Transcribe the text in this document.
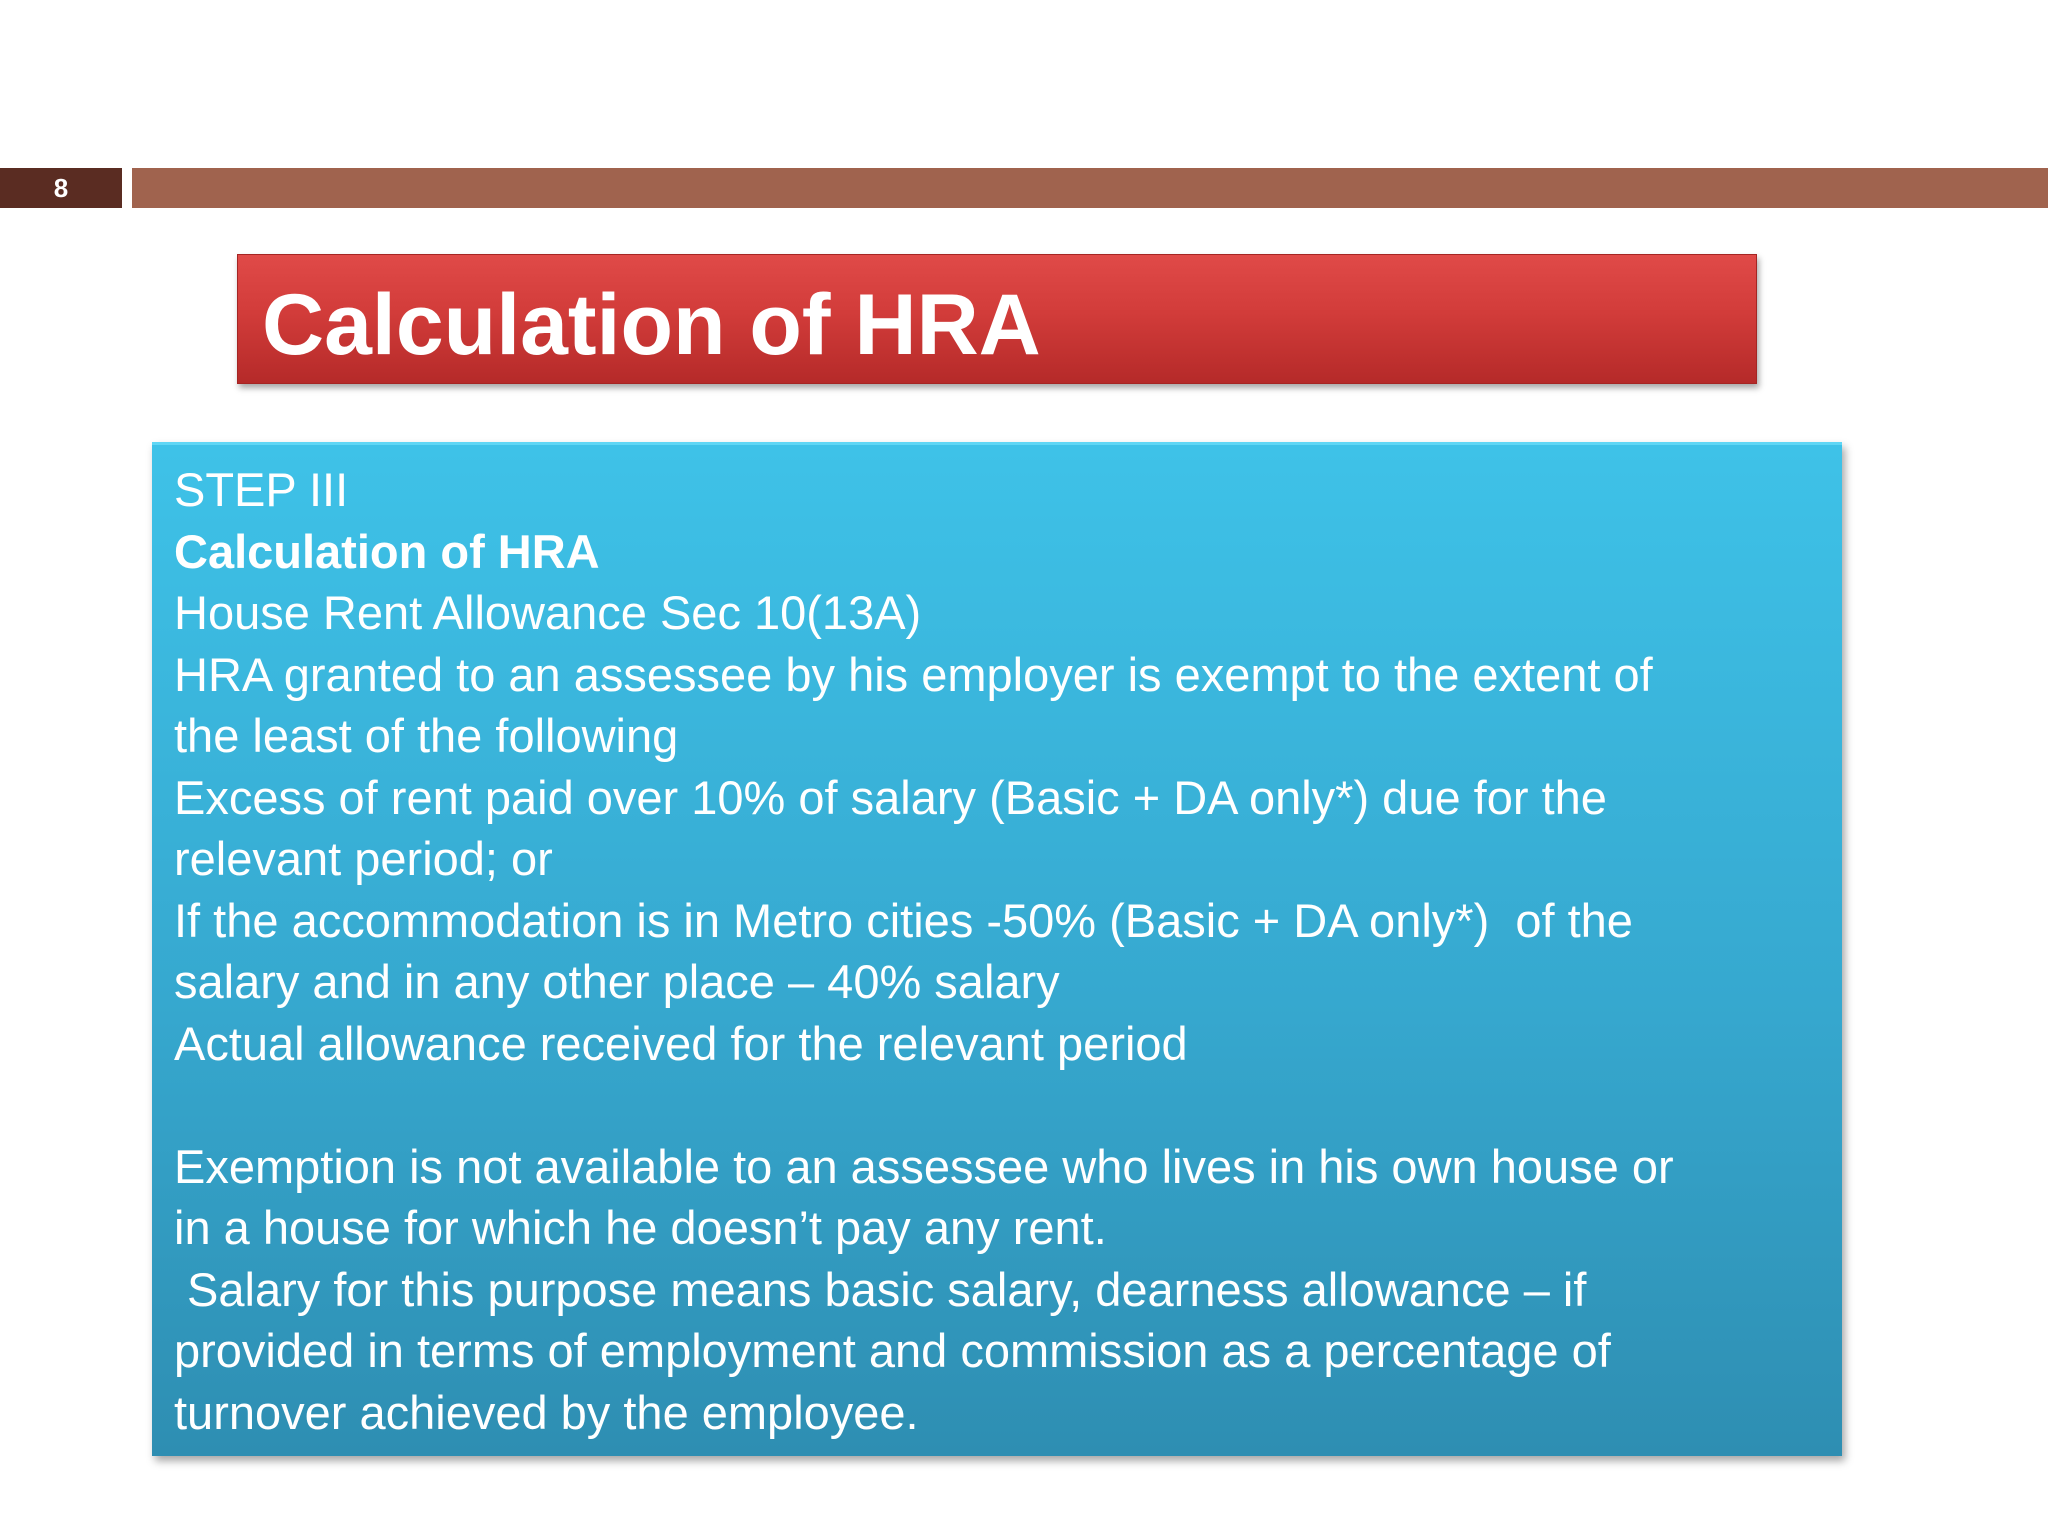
8
Calculation of HRA
STEP III
Calculation of HRA
House Rent Allowance Sec 10(13A)
HRA granted to an assessee by his employer is exempt to the extent of
the least of the following
Excess of rent paid over 10% of salary (Basic + DA only*) due for the
relevant period; or
If the accommodation is in Metro cities -50% (Basic + DA only*)  of the
salary and in any other place – 40% salary
Actual allowance received for the relevant period
Exemption is not available to an assessee who lives in his own house or
in a house for which he doesn’t pay any rent.
Salary for this purpose means basic salary, dearness allowance – if
provided in terms of employment and commission as a percentage of
turnover achieved by the employee.
